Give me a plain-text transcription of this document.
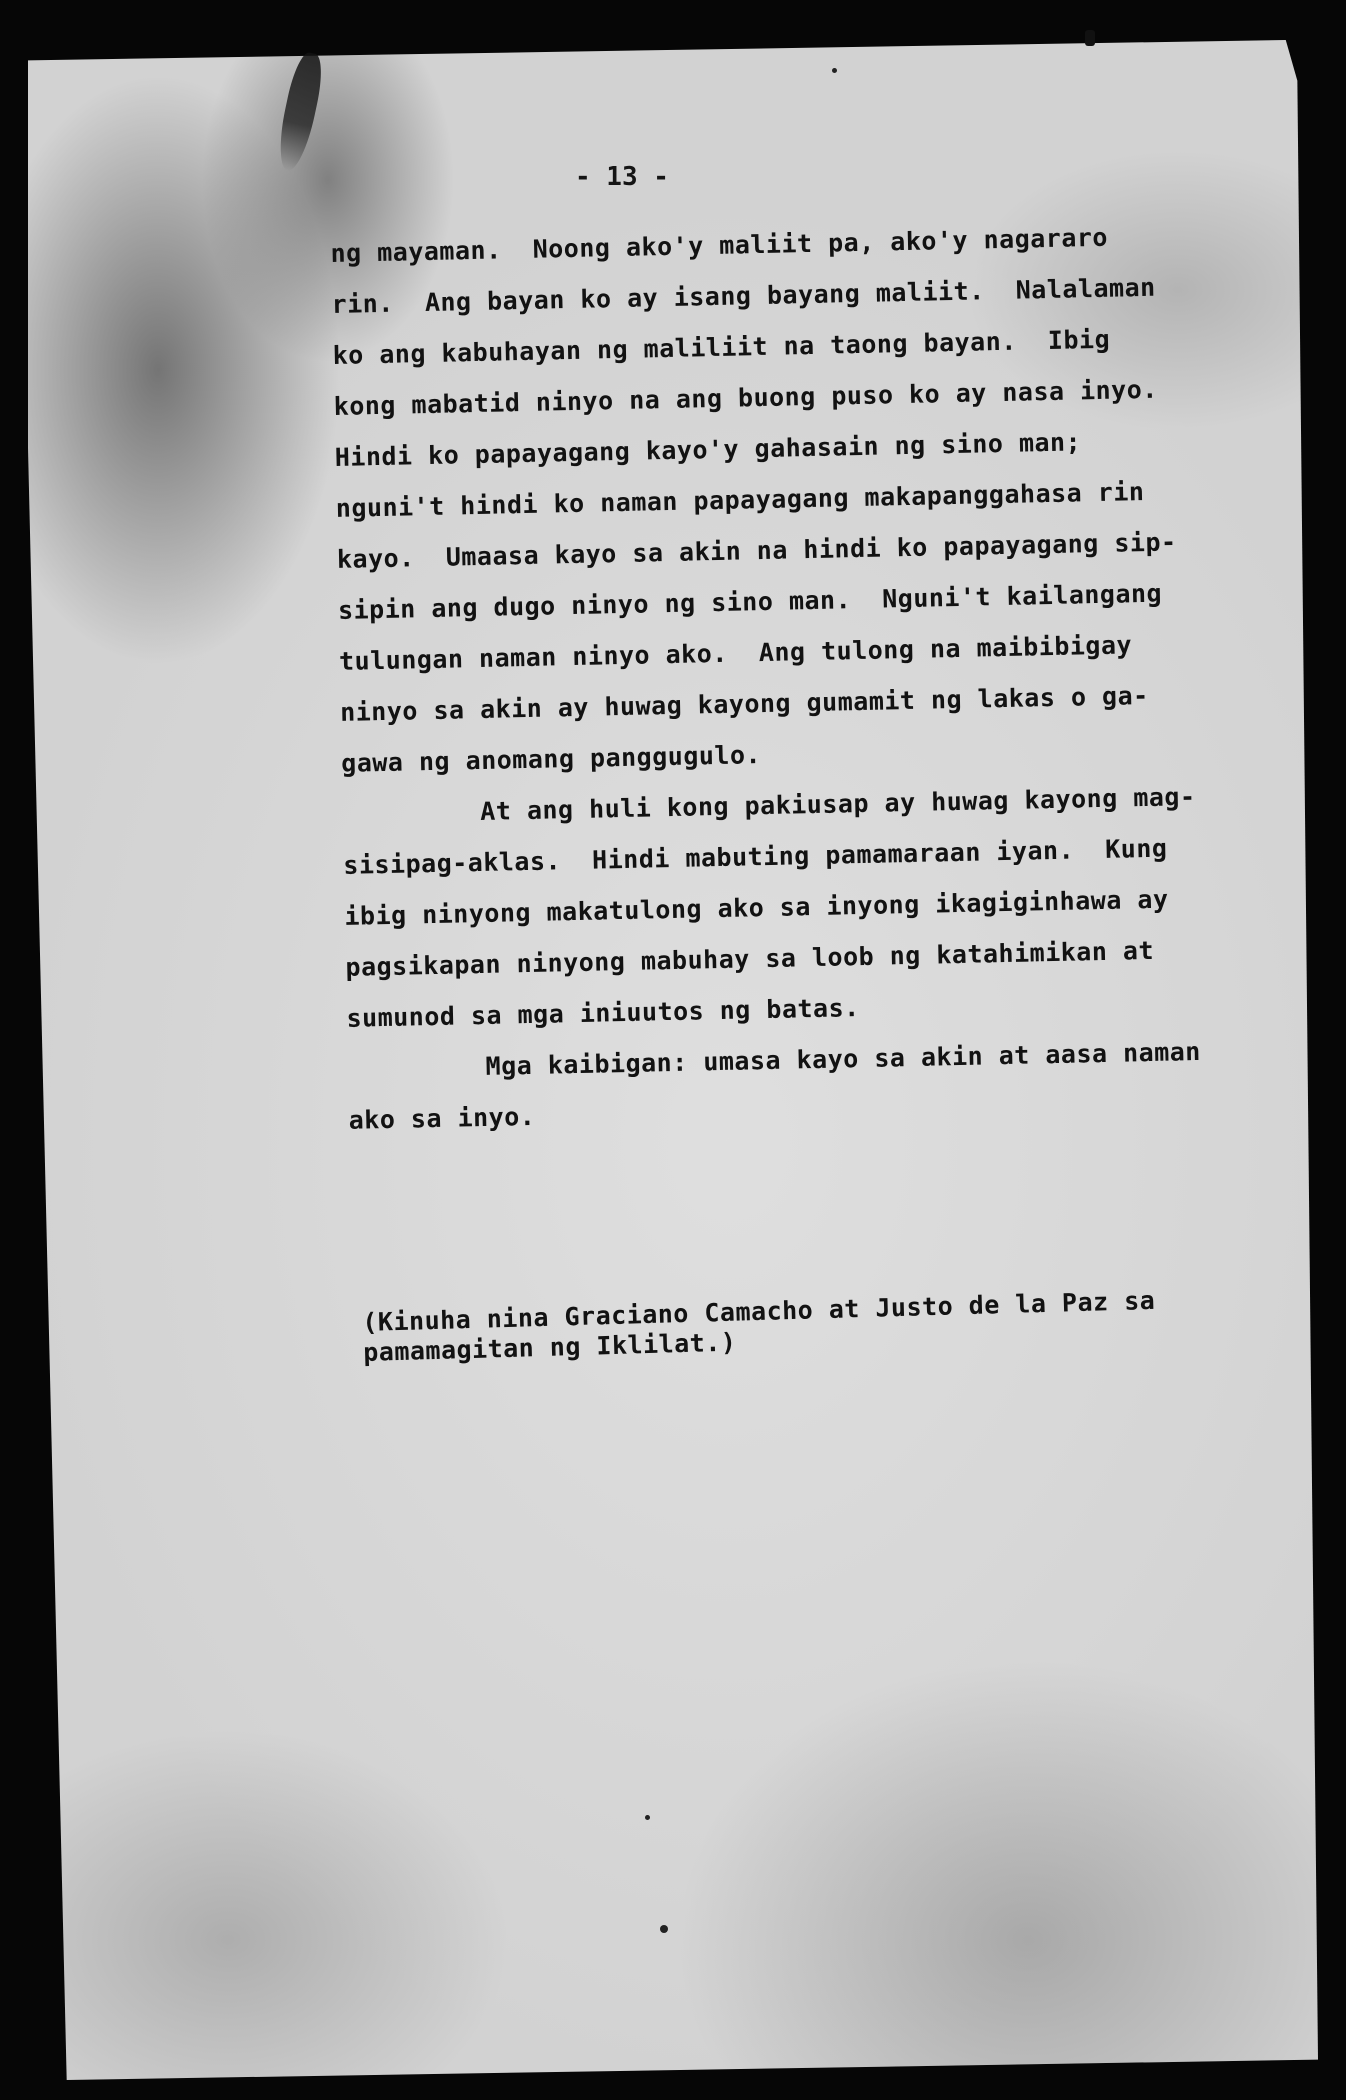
- 13 -
ng mayaman.  Noong ako'y maliit pa, ako'y nagararo
rin.  Ang bayan ko ay isang bayang maliit.  Nalalaman
ko ang kabuhayan ng maliliit na taong bayan.  Ibig
kong mabatid ninyo na ang buong puso ko ay nasa inyo.
Hindi ko papayagang kayo'y gahasain ng sino man;
nguni't hindi ko naman papayagang makapanggahasa rin
kayo.  Umaasa kayo sa akin na hindi ko papayagang sip-
sipin ang dugo ninyo ng sino man.  Nguni't kailangang
tulungan naman ninyo ako.  Ang tulong na maibibigay
ninyo sa akin ay huwag kayong gumamit ng lakas o ga-
gawa ng anomang panggugulo.
At ang huli kong pakiusap ay huwag kayong mag-
sisipag-aklas.  Hindi mabuting pamamaraan iyan.  Kung
ibig ninyong makatulong ako sa inyong ikagiginhawa ay
pagsikapan ninyong mabuhay sa loob ng katahimikan at
sumunod sa mga iniuutos ng batas.
Mga kaibigan: umasa kayo sa akin at aasa naman
ako sa inyo.
(Kinuha nina Graciano Camacho at Justo de la Paz sa
pamamagitan ng Iklilat.)
